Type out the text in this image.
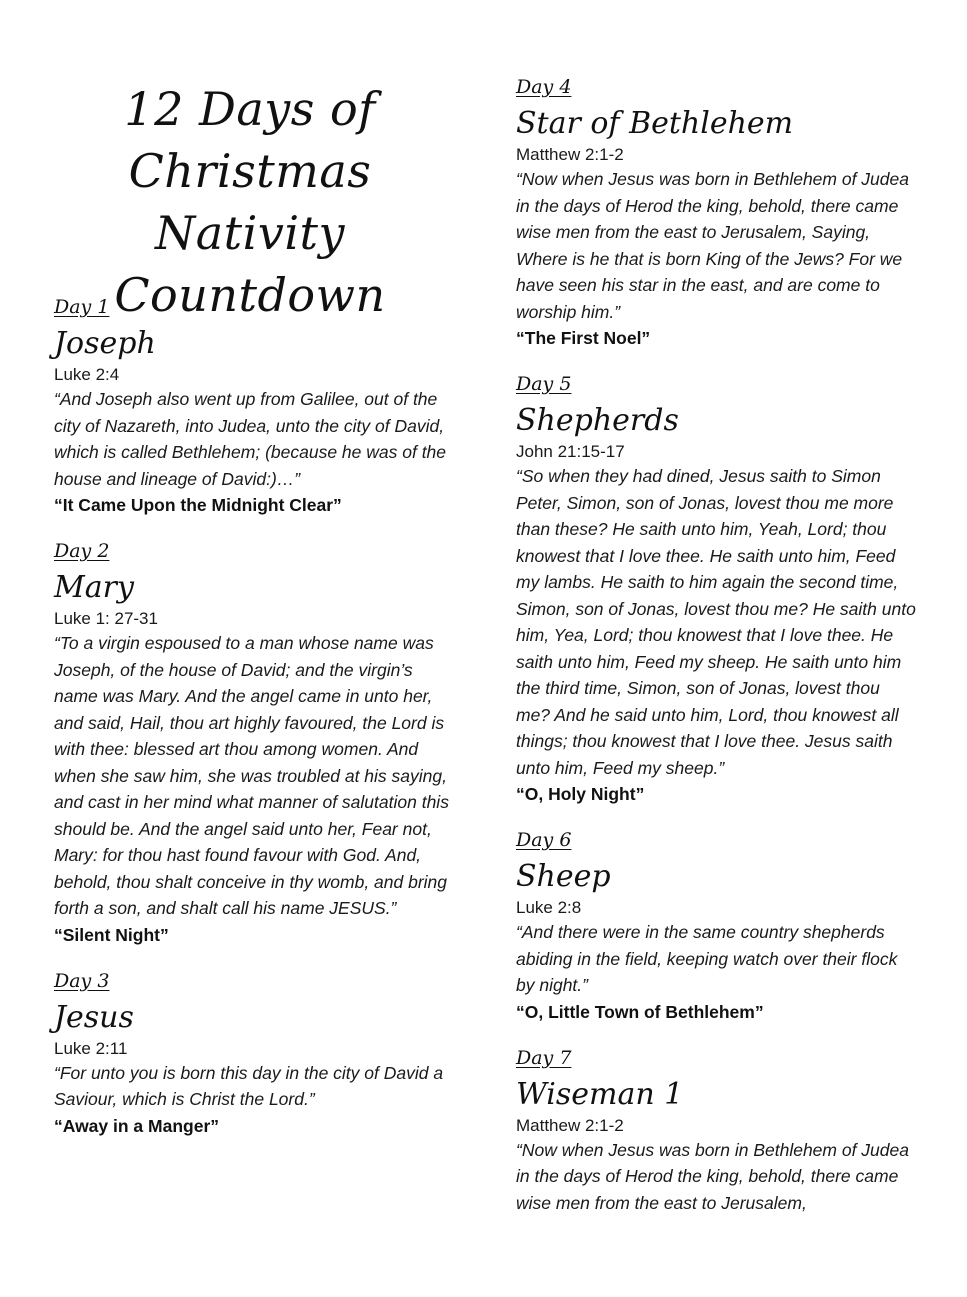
12 Days of Christmas
Nativity Countdown
Day 1
Joseph
Luke 2:4
“And Joseph also went up from Galilee, out of the city of Nazareth, into Judea, unto the city of David, which is called Bethlehem; (because he was of the house and lineage of David:)…”
“It Came Upon the Midnight Clear”
Day 2
Mary
Luke 1: 27-31
“To a virgin espoused to a man whose name was Joseph, of the house of David; and the virgin’s name was Mary. And the angel came in unto her, and said, Hail, thou art highly favoured, the Lord is with thee: blessed art thou among women. And when she saw him, she was troubled at his saying, and cast in her mind what manner of salutation this should be. And the angel said unto her, Fear not, Mary: for thou hast found favour with God. And, behold, thou shalt conceive in thy womb, and bring forth a son, and shalt call his name JESUS.”
“Silent Night”
Day 3
Jesus
Luke 2:11
“For unto you is born this day in the city of David a Saviour, which is Christ the Lord.”
“Away in a Manger”
Day 4
Star of Bethlehem
Matthew 2:1-2
“Now when Jesus was born in Bethlehem of Judea in the days of Herod the king, behold, there came wise men from the east to Jerusalem, Saying, Where is he that is born King of the Jews? For we have seen his star in the east, and are come to worship him.”
“The First Noel”
Day 5
Shepherds
John 21:15-17
“So when they had dined, Jesus saith to Simon Peter, Simon, son of Jonas, lovest thou me more than these? He saith unto him, Yeah, Lord; thou knowest that I love thee. He saith unto him, Feed my lambs. He saith to him again the second time, Simon, son of Jonas, lovest thou me? He saith unto him, Yea, Lord; thou knowest that I love thee. He saith unto him, Feed my sheep. He saith unto him the third time, Simon, son of Jonas, lovest thou me? And he said unto him, Lord, thou knowest all things; thou knowest that I love thee. Jesus saith unto him, Feed my sheep.”
“O, Holy Night”
Day 6
Sheep
Luke 2:8
“And there were in the same country shepherds abiding in the field, keeping watch over their flock by night.”
“O, Little Town of Bethlehem”
Day 7
Wiseman 1
Matthew 2:1-2
“Now when Jesus was born in Bethlehem of Judea in the days of Herod the king, behold, there came wise men from the east to Jerusalem,
